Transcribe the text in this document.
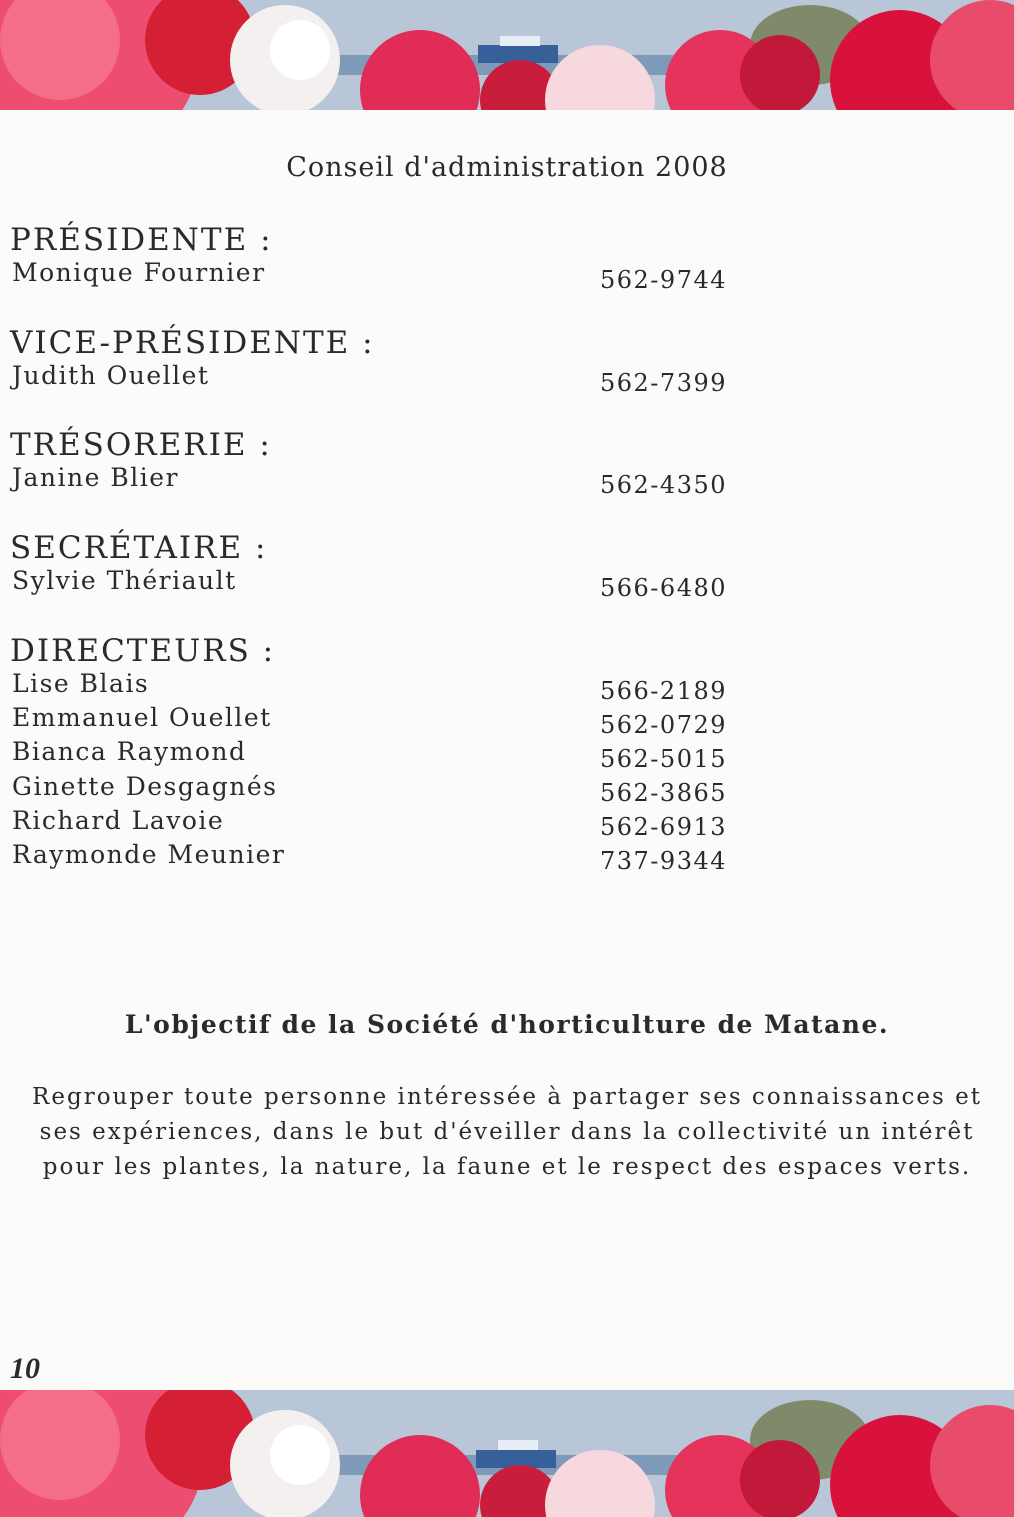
Conseil d'administration 2008
PRÉSIDENTE :
Monique Fournier	562-9744
VICE-PRÉSIDENTE :
Judith Ouellet	562-7399
TRÉSORERIE :
Janine Blier	562-4350
SECRÉTAIRE :
Sylvie Thériault	566-6480
DIRECTEURS :
Lise Blais	566-2189
Emmanuel Ouellet	562-0729
Bianca Raymond	562-5015
Ginette Desgagnés	562-3865
Richard Lavoie	562-6913
Raymonde Meunier	737-9344
L'objectif de la Société d'horticulture de Matane.
Regrouper toute personne intéressée à partager ses connaissances et ses expériences, dans le but d'éveiller dans la collectivité un intérêt pour les plantes, la nature, la faune et le respect des espaces verts.
10
